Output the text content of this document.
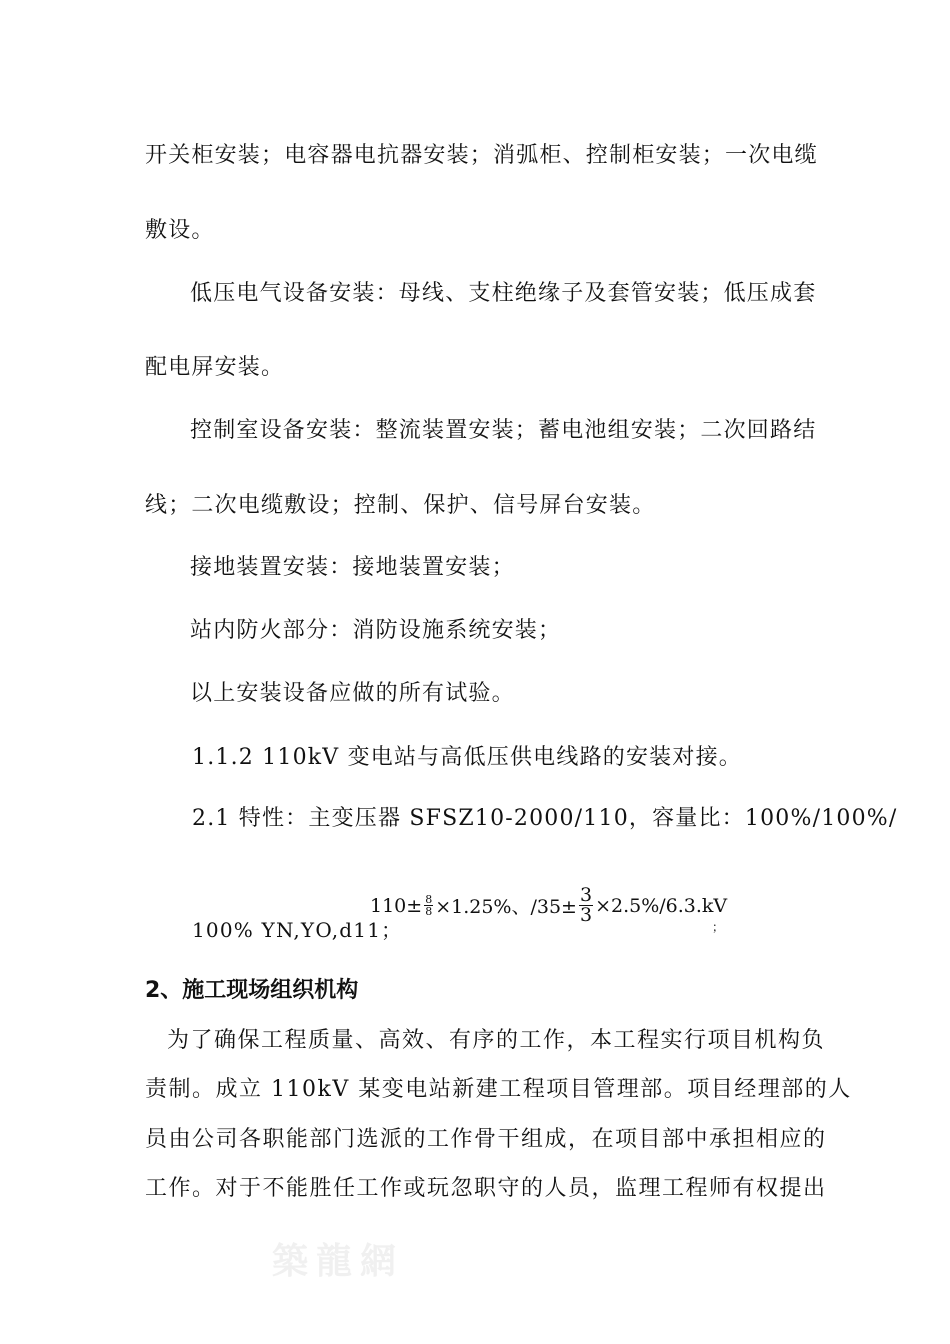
开关柜安装；电容器电抗器安装；消弧柜、控制柜安装；一次电缆
敷设。
低压电气设备安装：母线、支柱绝缘子及套管安装；低压成套
配电屏安装。
控制室设备安装：整流装置安装；蓄电池组安装；二次回路结
线；二次电缆敷设；控制、保护、信号屏台安装。
接地装置安装：接地装置安装；
站内防火部分：消防设施系统安装；
以上安装设备应做的所有试验。
1.1.2 110kV 变电站与高低压供电线路的安装对接。
2.1 特性：主变压器 SFSZ10-2000/110，容量比：100%/100%/
100% YN,YO,d11；
$110\pm \frac{8}{8} \times 1.25\%$、$/35\pm \frac{3}{3} \times 2.5\%/6.3.kV$
；
2、施工现场组织机构
为了确保工程质量、高效、有序的工作，本工程实行项目机构负
责制。成立 110kV 某变电站新建工程项目管理部。项目经理部的人
员由公司各职能部门选派的工作骨干组成，在项目部中承担相应的
工作。对于不能胜任工作或玩忽职守的人员，监理工程师有权提出
築龍網
